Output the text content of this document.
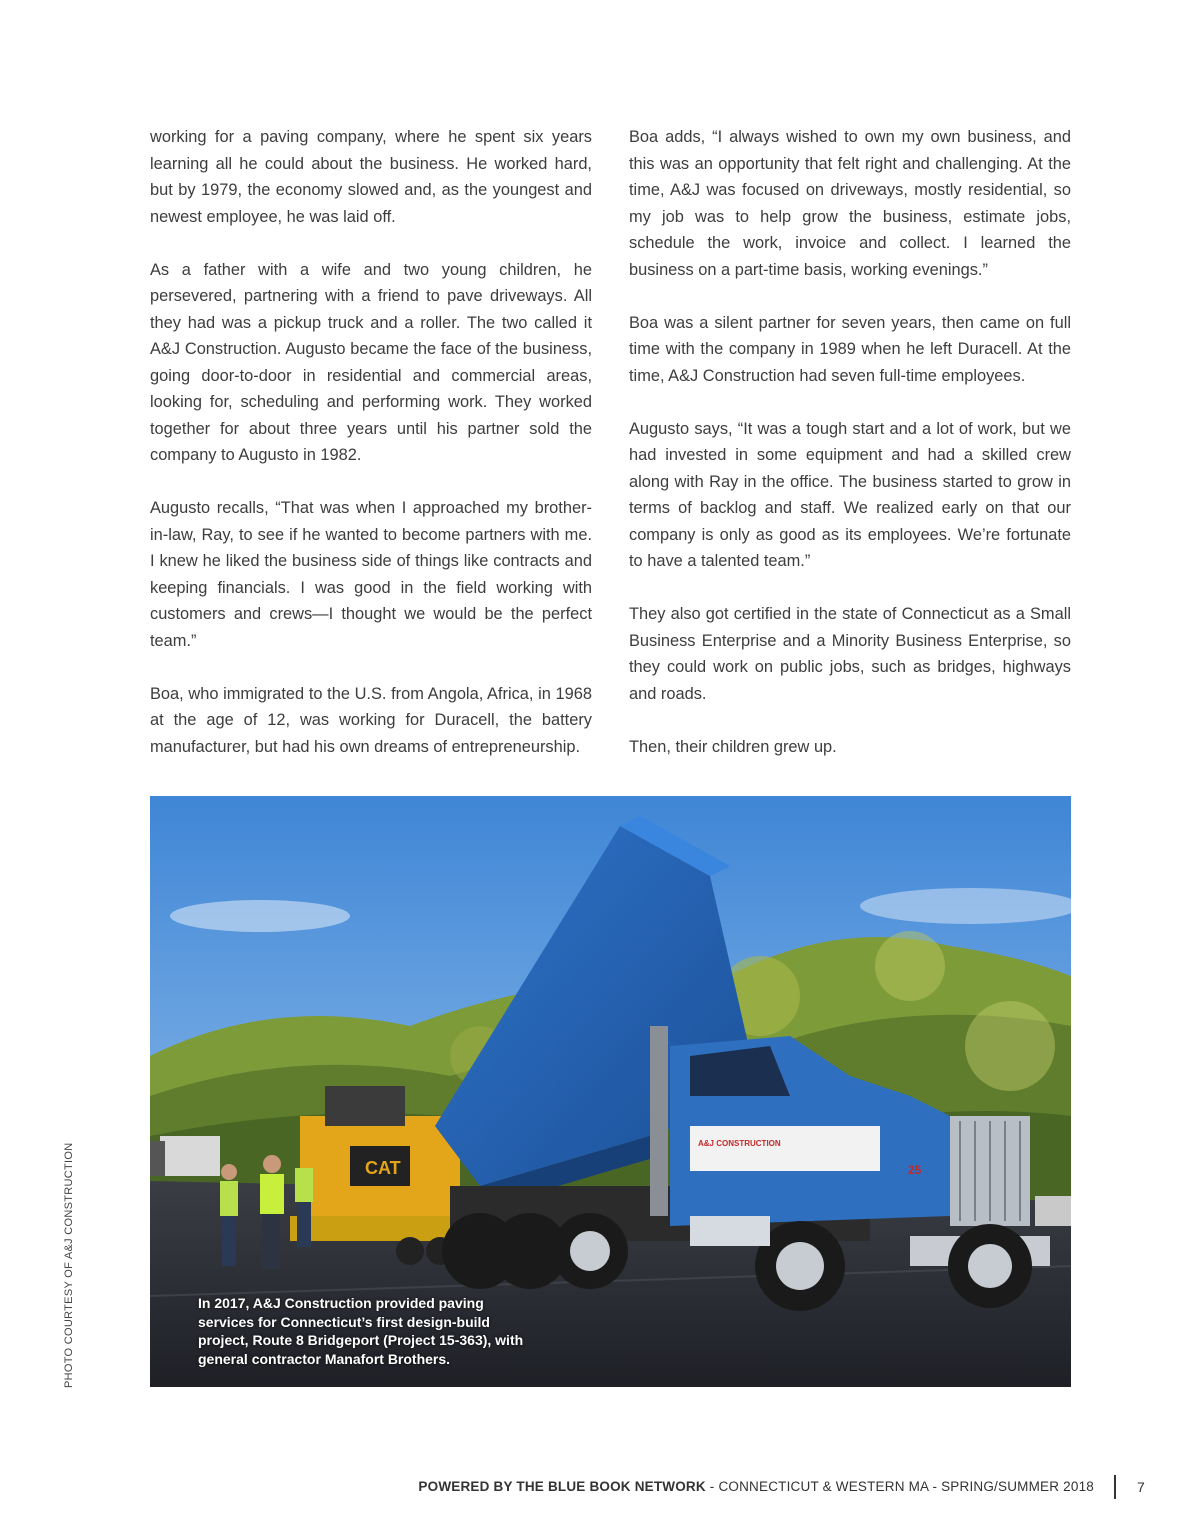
working for a paving company, where he spent six years learning all he could about the business. He worked hard, but by 1979, the economy slowed and, as the youngest and newest employee, he was laid off.

As a father with a wife and two young children, he persevered, partnering with a friend to pave driveways. All they had was a pickup truck and a roller. The two called it A&J Construction. Augusto became the face of the business, going door-to-door in residential and commercial areas, looking for, scheduling and performing work. They worked together for about three years until his partner sold the company to Augusto in 1982.

Augusto recalls, “That was when I approached my brother-in-law, Ray, to see if he wanted to become partners with me. I knew he liked the business side of things like contracts and keeping financials. I was good in the field working with customers and crews—I thought we would be the perfect team.”

Boa, who immigrated to the U.S. from Angola, Africa, in 1968 at the age of 12, was working for Duracell, the battery manufacturer, but had his own dreams of entrepreneurship.

Boa adds, “I always wished to own my own business, and this was an opportunity that felt right and challenging. At the time, A&J was focused on driveways, mostly residential, so my job was to help grow the business, estimate jobs, schedule the work, invoice and collect. I learned the business on a part-time basis, working evenings.”

Boa was a silent partner for seven years, then came on full time with the company in 1989 when he left Duracell. At the time, A&J Construction had seven full-time employees.

Augusto says, “It was a tough start and a lot of work, but we had invested in some equipment and had a skilled crew along with Ray in the office. The business started to grow in terms of backlog and staff. We realized early on that our company is only as good as its employees. We’re fortunate to have a talented team.”

They also got certified in the state of Connecticut as a Small Business Enterprise and a Minority Business Enterprise, so they could work on public jobs, such as bridges, highways and roads.

Then, their children grew up.

CAT
A&J CONSTRUCTION
25
In 2017, A&J Construction provided paving services for Connecticut’s first design-build project, Route 8 Bridgeport (Project 15-363), with general contractor Manafort Brothers.
PHOTO COURTESY OF A&J CONSTRUCTION
POWERED BY THE BLUE BOOK NETWORK - CONNECTICUT & WESTERN MA - SPRING/SUMMER 2018	7
